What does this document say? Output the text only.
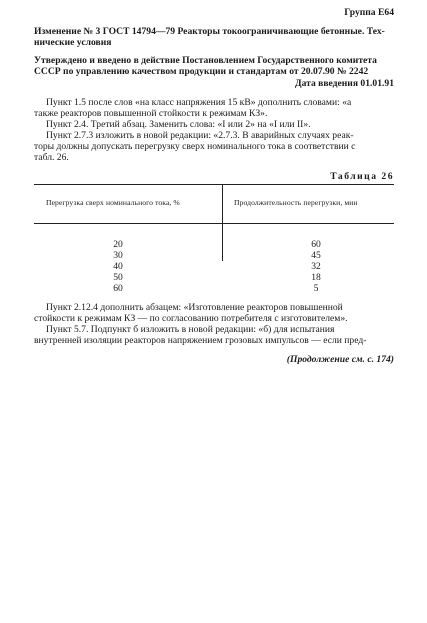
Группа Е64
Изменение № 3 ГОСТ 14794—79 Реакторы токоограничивающие бетонные. Тех-
нические условия
Утверждено и введено в действие Постановлением Государственного комитета
СССР по управлению качеством продукции и стандартам от 20.07.90 № 2242
Дата введения 01.01.91
Пункт 1.5 после слов «на класс напряжения 15 кВ» дополнить словами: «а
также реакторов повышенной стойкости к режимам КЗ».
Пункт 2.4. Третий абзац. Заменить слова: «I или 2» на «I или II».
Пункт 2.7.3 изложить в новой редакции: «2.7.3. В аварийных случаях реак-
торы должны допускать перегрузку сверх номинального тока в соответствии с
табл. 26.
Таблица 26
Перегрузка сверх номинального тока, %	Продолжительность перегрузки, мин
20	60
30	45
40	32
50	18
60	5
Пункт 2.12.4 дополнить абзацем: «Изготовление реакторов повышенной
стойкости к режимам КЗ — по согласованию потребителя с изготовителем».
Пункт 5.7. Подпункт б изложить в новой редакции: «б) для испытания
внутренней изоляции реакторов напряжением грозовых импульсов — если пред-
(Продолжение см. с. 174)
